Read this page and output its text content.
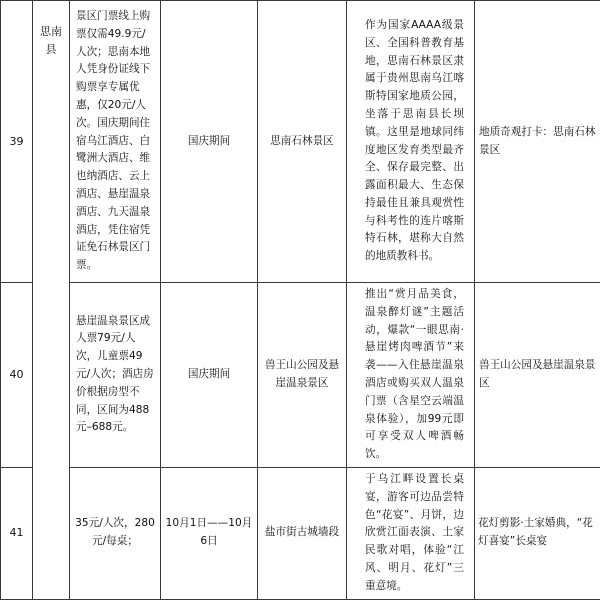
39	思南县	景区门票线上购票仅需49.9元/人次；思南本地人凭身份证线下购票享专属优惠，仅20元/人次。国庆期间住宿乌江酒店、白鹭洲大酒店、维也纳酒店、云上酒店、悬崖温泉酒店、九天温泉酒店，凭住宿凭证免石林景区门票。	国庆期间	思南石林景区	作为国家AAAA级景区、全国科普教育基地，思南石林景区隶属于贵州思南乌江喀斯特国家地质公园，坐落于思南县长坝镇。这里是地球同纬度地区发育类型最齐全、保存最完整、出露面积最大、生态保持最佳且兼具观赏性与科考性的连片喀斯特石林，堪称大自然的地质教科书。	地质奇观打卡：思南石林景区
40		悬崖温泉景区成人票79元/人次，儿童票49元/人次；酒店房价根据房型不同，区间为488元–688元。	国庆期间	兽王山公园及悬崖温泉景区	推出“赏月品美食，温泉醉灯谜”主题活动，爆款“一眼思南·悬崖烤肉啤酒节”来袭——入住悬崖温泉酒店或购买双人温泉门票（含星空云端温泉体验），加99元即可享受双人啤酒畅饮。	兽王山公园及悬崖温泉景区
41		35元/人次，280元/每桌；	10月1日——10月6日	盐市街古城墙段	于乌江畔设置长桌宴，游客可边品尝特色“花宴”、月饼，边欣赏江面表演、土家民歌对唱，体验“江风、明月、花灯”三重意境。	花灯剪影·土家婚典，“花灯喜宴”长桌宴
